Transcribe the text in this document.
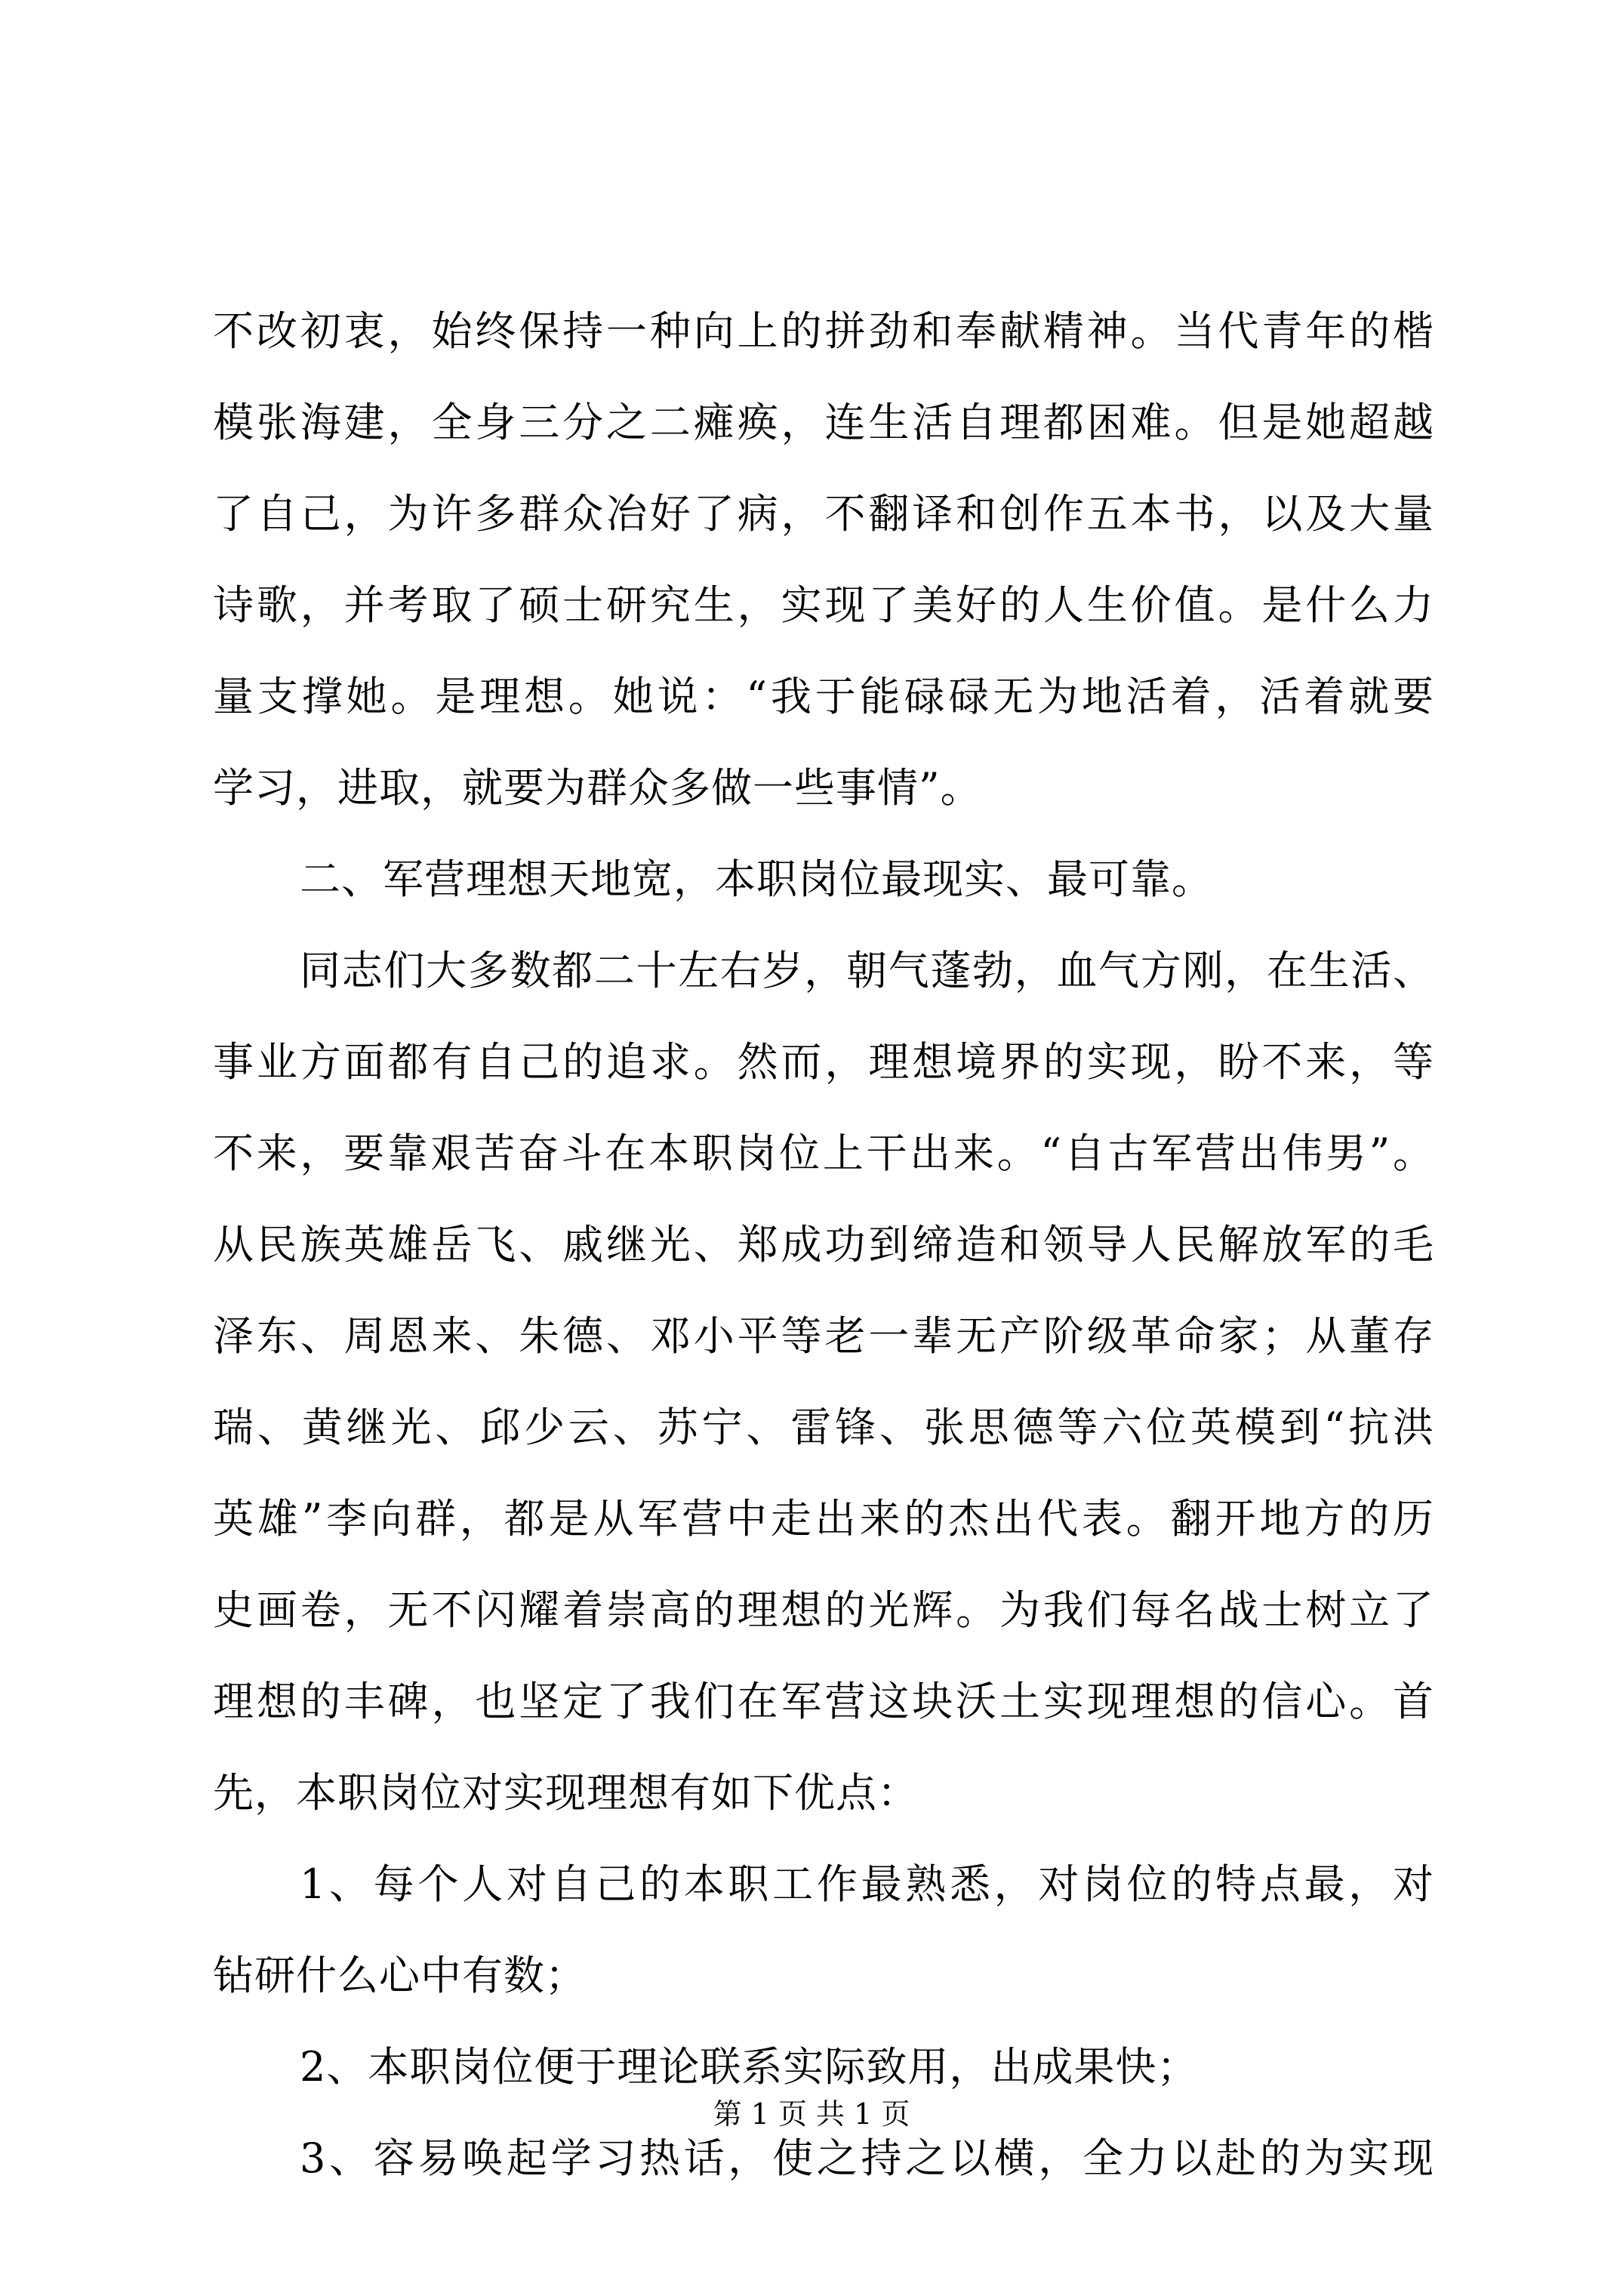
不改初衷，始终保持一种向上的拼劲和奉献精神。当代青年的楷
模张海建，全身三分之二瘫痪，连生活自理都困难。但是她超越
了自己，为许多群众冶好了病，不翻译和创作五本书，以及大量
诗歌，并考取了硕士研究生，实现了美好的人生价值。是什么力
量支撑她。是理想。她说：“我于能碌碌无为地活着，活着就要
学习，进取，就要为群众多做一些事情”。
二、军营理想天地宽，本职岗位最现实、最可靠。
同志们大多数都二十左右岁，朝气蓬勃，血气方刚，在生活、
事业方面都有自己的追求。然而，理想境界的实现，盼不来，等
不来，要靠艰苦奋斗在本职岗位上干出来。“自古军营出伟男”。
从民族英雄岳飞、戚继光、郑成功到缔造和领导人民解放军的毛
泽东、周恩来、朱德、邓小平等老一辈无产阶级革命家；从董存
瑞、黄继光、邱少云、苏宁、雷锋、张思德等六位英模到“抗洪
英雄”李向群，都是从军营中走出来的杰出代表。翻开地方的历
史画卷，无不闪耀着崇高的理想的光辉。为我们每名战士树立了
理想的丰碑，也坚定了我们在军营这块沃土实现理想的信心。首
先，本职岗位对实现理想有如下优点：
1、每个人对自己的本职工作最熟悉，对岗位的特点最，对
钻研什么心中有数；
2、本职岗位便于理论联系实际致用，出成果快；
3、容易唤起学习热话，使之持之以横，全力以赴的为实现
第 1 页 共 1 页
